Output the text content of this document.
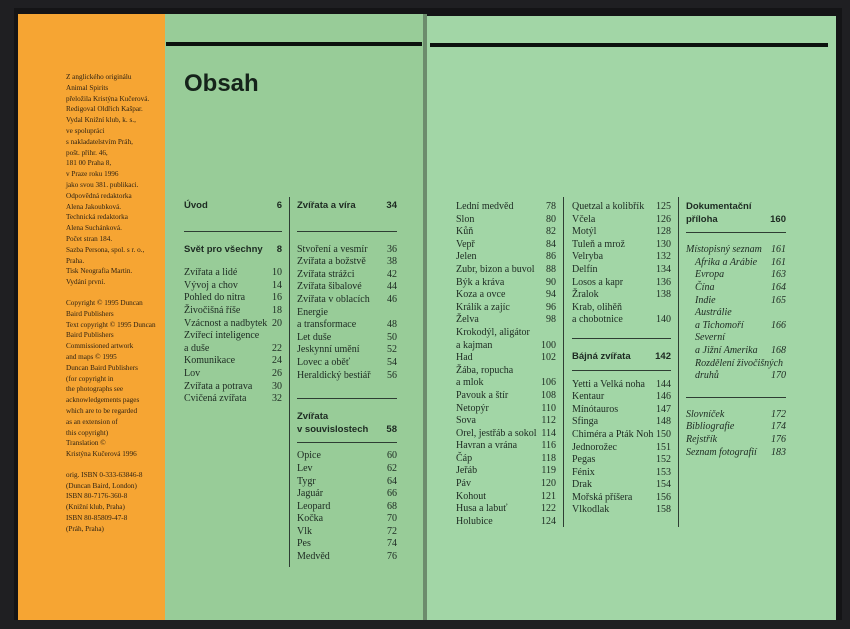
Z anglického originálu
Animal Spirits
přeložila Kristýna Kučerová.
Redigoval Oldřich Kašpar.
Vydal Knižní klub, k. s.,
ve spolupráci
s nakladatelstvím Práh,
pošt. přihr. 46,
181 00 Praha 8,
v Praze roku 1996
jako svou 381. publikaci.
Odpovědná redaktorka
Alena Jakoubková.
Technická redaktorka
Alena Suchánková.
Počet stran 184.
Sazba Persona, spol. s r. o.,
Praha.
Tisk Neografia Martin.
Vydání první.

Copyright © 1995 Duncan
Baird Publishers
Text copyright © 1995 Duncan
Baird Publishers
Commissioned artwork
and maps © 1995
Duncan Baird Publishers
(for copyright in
the photographs see
acknowledgements pages
which are to be regarded
as an extension of
this copyright)
Translation ©
Kristýna Kučerová 1996

orig. ISBN 0-333-63846-8
(Duncan Baird, London)
ISBN 80-7176-360-8
(Knižní klub, Praha)
ISBN 80-85809-47-8
(Práh, Praha)

Obsah
Úvod	6
Svět pro všechny 8
Zvířata a lidé	10
Vývoj a chov	14
Pohled do nitra	16
Živočišná říše	18
Vzácnost a nadbytek 20
Zvířecí inteligence
a duše	22
Komunikace	24
Lov	26
Zvířata a potrava 30
Cvičená zvířata	32
Zvířata a víra	34
Stvoření a vesmír 36
Zvířata a božstvě 38
Zvířata strážci	42
Zvířata šibalové	44
Zvířata v oblacích 46
Energie
a transformace	48
Let duše	50
Jeskynní umění	52
Lovec a oběť	54
Heraldický bestiář 56
Zvířata
v souvislostech 58
Opice	60
Lev	62
Tygr	64
Jaguár	66
Leopard	68
Kočka	70
Vlk	72
Pes	74
Medvěd	76
Lední medvěd	78
Slon	80
Kůň	82
Vepř	84
Jelen	86
Zubr, bizon a buvol 88
Býk a kráva	90
Koza a ovce	94
Králík a zajíc	96
Želva	98
Krokodýl, aligátor
a kajman	100
Had	102
Žába, ropucha
a mlok	106
Pavouk a štír	108
Netopýr	110
Sova	112
Orel, jestřáb a sokol 114
Havran a vrána 116
Čáp	118
Jeřáb	119
Páv	120
Kohout	121
Husa a labuť	122
Holubice	124
Quetzal a kolibřík 125
Včela	126
Motýl	128
Tuleň a mrož	130
Velryba	132
Delfín	134
Losos a kapr	136
Žralok	138
Krab, olihěň
a chobotnice	140
Bájná zvířata	142
Yetti a Velká noha 144
Kentaur	146
Mínótauros	147
Sfinga	148
Chiméra a Pták Noh 150
Jednorožec	151
Pegas	152
Fénix	153
Drak	154
Mořská příšera 156
Vlkodlak	158
Dokumentační
příloha	160
Místopisný seznam 161
Afrika a Arábie 161
Evropa	163
Čína	164
Indie	165
Austrálie
a Tichomoří	166
Severní
a Jižní Amerika 168
Rozdělení živočišných
druhů	170
Slovníček	172
Bibliografie	174
Rejstřík	176
Seznam fotografií 183
